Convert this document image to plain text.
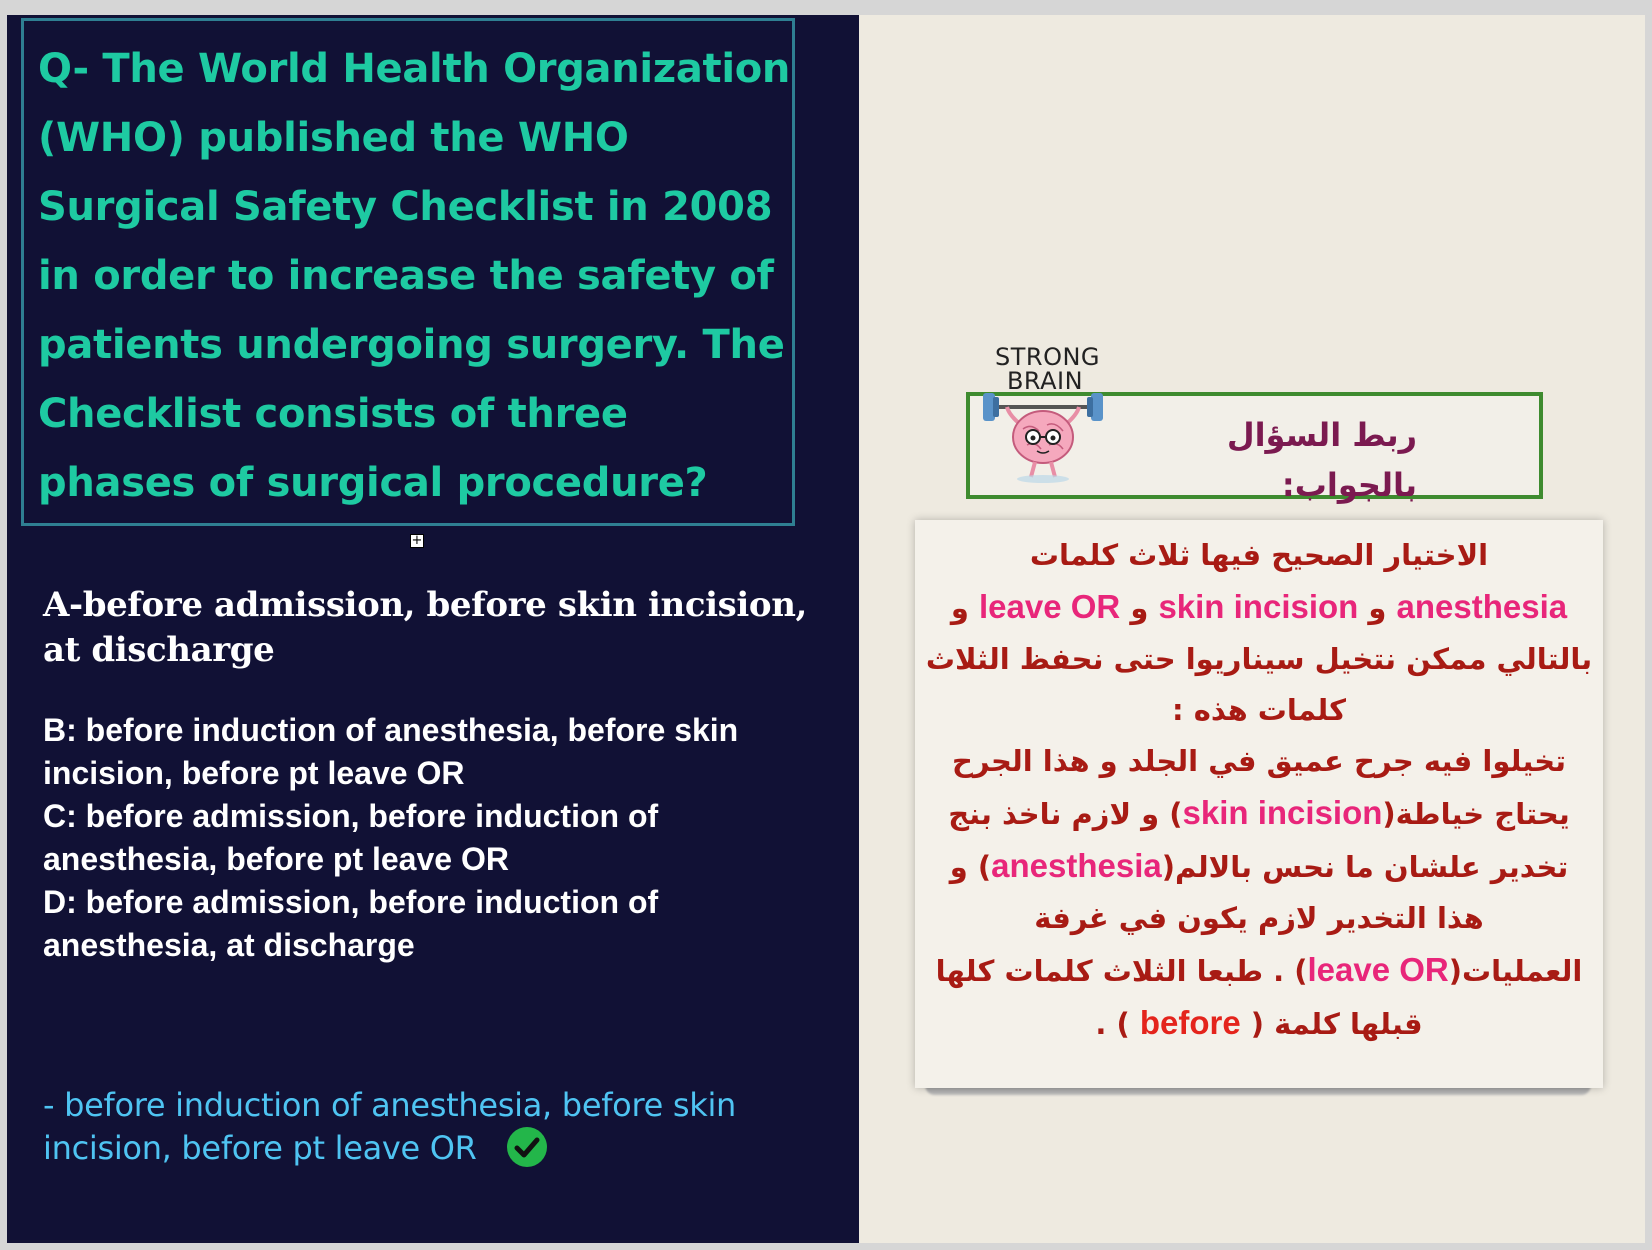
Q- The World Health Organization (WHO) published the WHO Surgical Safety Checklist in 2008 in order to increase the safety of patients undergoing surgery. The Checklist consists of three phases of surgical procedure?

+

A-before admission, before skin incision, at discharge

B: before induction of anesthesia, before skin incision, before pt leave OR
C: before admission, before induction of anesthesia, before pt leave OR
D: before admission, before induction of anesthesia, at discharge
- before induction of anesthesia, before skin incision, before pt leave OR
STRONG
BRAIN
ربط السؤال بالجواب:

الاختيار الصحيح فيها ثلاث كلمات
anesthesia و skin incision و leave OR و
بالتالي ممكن نتخيل سيناريوا حتى نحفظ الثلاث كلمات هذه :
تخيلوا فيه جرح عميق في الجلد و هذا الجرح يحتاج خياطة(skin incision) و لازم ناخذ بنج تخدير علشان ما نحس بالالم(anesthesia) و هذا التخدير لازم يكون في غرفة العمليات(leave OR) . طبعا الثلاث كلمات كلها قبلها كلمة ( before ) .
